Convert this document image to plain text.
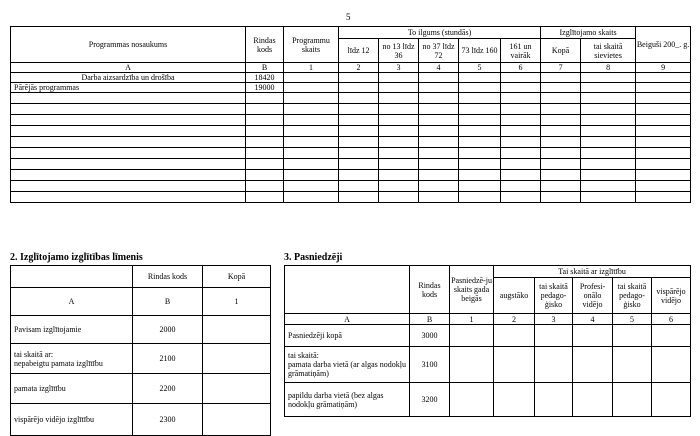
5
Programmas nosaukums	Rindas kods	Programmu skaits	To ilgums (stundās)					Izglītojamo skaits		Beiguši 200_. g.
			līdz 12	no 13 līdz 36	no 37 līdz 72	73 līdz 160	161 un vairāk	Kopā	tai skaitā sievietes	
A	B	1	2	3	4	5	6	7	8	9
Darba aizsardzība un drošība	18420									
Pārējās programmas	19000									

2. Izglītojamo izglītības līmenis
	Rindas kods	Kopā
A	B	1
Pavisam izglītojamie	2000	
tai skaitā ar:
nepabeigtu pamata izglītību	2100	
pamata izglītību	2200	
vispārējo vidējo izglītību	2300	
3. Pasniedzēji
	Rindas kods	Pasniedzē-ju skaits gada beigās	Tai skaitā ar izglītību				
			augstāko	tai skaitā pedago-ģisko	Profesi-onālo vidējo	tai skaitā pedago-ģisko	vispārējo vidējo
A	B	1	2	3	4	5	6
Pasniedzēji kopā	3000						
tai skaitā:
pamata darba vietā (ar algas nodokļu grāmatiņām)	3100						
papildu darba vietā (bez algas
nodokļu grāmatiņām)	3200						
